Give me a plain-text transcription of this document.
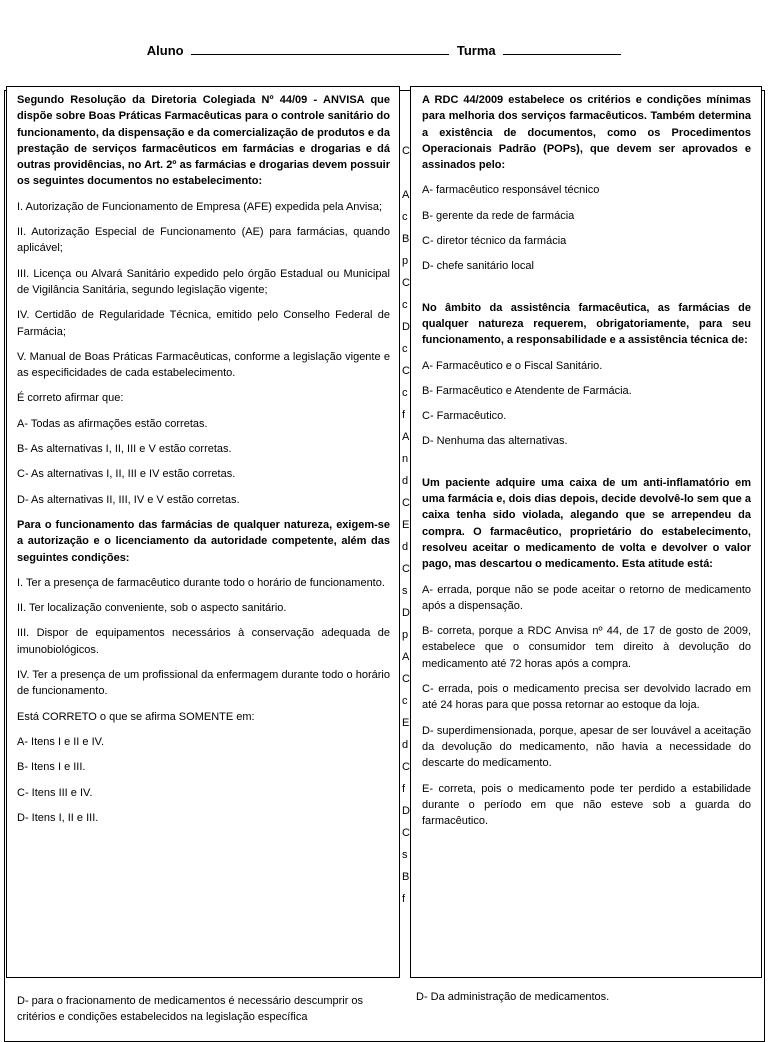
Aluno	Turma
D- para o fracionamento de medicamentos é necessário descumprir os critérios e condições estabelecidos na legislação específica
D- Da administração de medicamentos.
C

A
c
B
p
C
c
D
c
C
c
f
A
n
d
C
E
d
C
s
D
p
A
C
c
E
d
C
f
D
C
s
B
f

Segundo Resolução da Diretoria Colegiada Nº 44/09 - ANVISA que dispõe sobre Boas Práticas Farmacêuticas para o controle sanitário do funcionamento, da dispensação e da comercialização de produtos e da prestação de serviços farmacêuticos em farmácias e drogarias e dá outras providências, no Art. 2º as farmácias e drogarias devem possuir os seguintes documentos no estabelecimento:

I. Autorização de Funcionamento de Empresa (AFE) expedida pela Anvisa;

II. Autorização Especial de Funcionamento (AE) para farmácias, quando aplicável;

III. Licença ou Alvará Sanitário expedido pelo órgão Estadual ou Municipal de Vigilância Sanitária, segundo legislação vigente;

IV. Certidão de Regularidade Técnica, emitido pelo Conselho Federal de Farmácia;

V. Manual de Boas Práticas Farmacêuticas, conforme a legislação vigente e as especificidades de cada estabelecimento.

É correto afirmar que:

A- Todas as afirmações estão corretas.

B- As alternativas I, II, III e V estão corretas.

C- As alternativas I, II, III e IV estão corretas.

D- As alternativas II, III, IV e V estão corretas.

Para o funcionamento das farmácias de qualquer natureza, exigem-se a autorização e o licenciamento da autoridade competente, além das seguintes condições:

I. Ter a presença de farmacêutico durante todo o horário de funcionamento.

II. Ter localização conveniente, sob o aspecto sanitário.

III. Dispor de equipamentos necessários à conservação adequada de imunobiológicos.

IV. Ter a presença de um profissional da enfermagem durante todo o horário de funcionamento.

Está CORRETO o que se afirma SOMENTE em:

A- Itens I e II e IV.

B- Itens I e III.

C- Itens III e IV.

D- Itens I, II e III.

A RDC 44/2009 estabelece os critérios e condições mínimas para melhoria dos serviços farmacêuticos. Também determina a existência de documentos, como os Procedimentos Operacionais Padrão (POPs), que devem ser aprovados e assinados pelo:

A- farmacêutico responsável técnico

B- gerente da rede de farmácia

C- diretor técnico da farmácia

D- chefe sanitário local

No âmbito da assistência farmacêutica, as farmácias de qualquer natureza requerem, obrigatoriamente, para seu funcionamento, a responsabilidade e a assistência técnica de:

A- Farmacêutico e o Fiscal Sanitário.

B- Farmacêutico e Atendente de Farmácia.

C- Farmacêutico.

D- Nenhuma das alternativas.

Um paciente adquire uma caixa de um anti-inflamatório em uma farmácia e, dois dias depois, decide devolvê-lo sem que a caixa tenha sido violada, alegando que se arrependeu da compra. O farmacêutico, proprietário do estabelecimento, resolveu aceitar o medicamento de volta e devolver o valor pago, mas descartou o medicamento. Esta atitude está:

A- errada, porque não se pode aceitar o retorno de medicamento após a dispensação.

B- correta, porque a RDC Anvisa nº 44, de 17 de gosto de 2009, estabelece que o consumidor tem direito à devolução do medicamento até 72 horas após a compra.

C- errada, pois o medicamento precisa ser devolvido lacrado em até 24 horas para que possa retornar ao estoque da loja.

D- superdimensionada, porque, apesar de ser louvável a aceitação da devolução do medicamento, não havia a necessidade do descarte do medicamento.

E- correta, pois o medicamento pode ter perdido a estabilidade durante o período em que não esteve sob a guarda do farmacêutico.
